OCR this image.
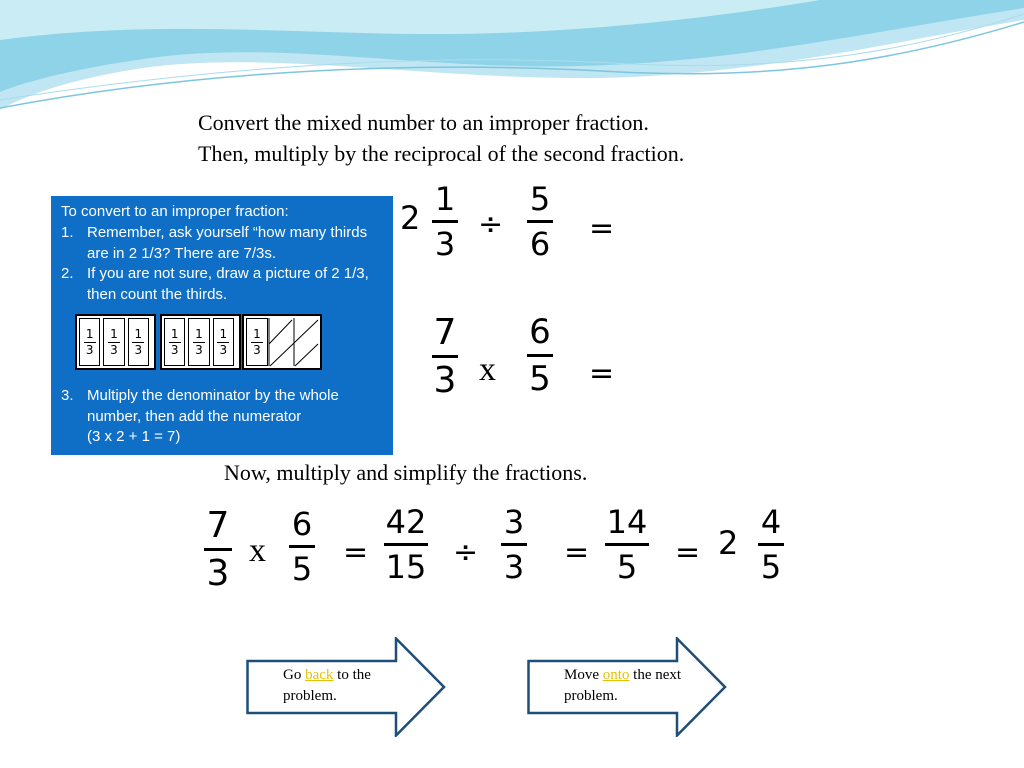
Convert the mixed number to an improper fraction.
Then, multiply by the reciprocal of the second fraction.
2 1
3
÷
5
6 =
7
3 x
6
5 =
To convert to an improper fraction:
1. Remember, ask yourself “how many thirds are in 2 1/3? There are 7/3s.
2. If you are not sure, draw a picture of 2 1/3, then count the thirds.
3. Multiply the denominator by the whole number, then add the numerator
(3 x 2 + 1 = 7)
1
3
1
3
1
3
1
3
1
3
1
3
1
3
Now, multiply and simplify the fractions.
7
3
x
6
5 =
42
15 ÷
3
3 =
14
5 = 2
4
5
Go back to the problem.
Move onto the next problem.
